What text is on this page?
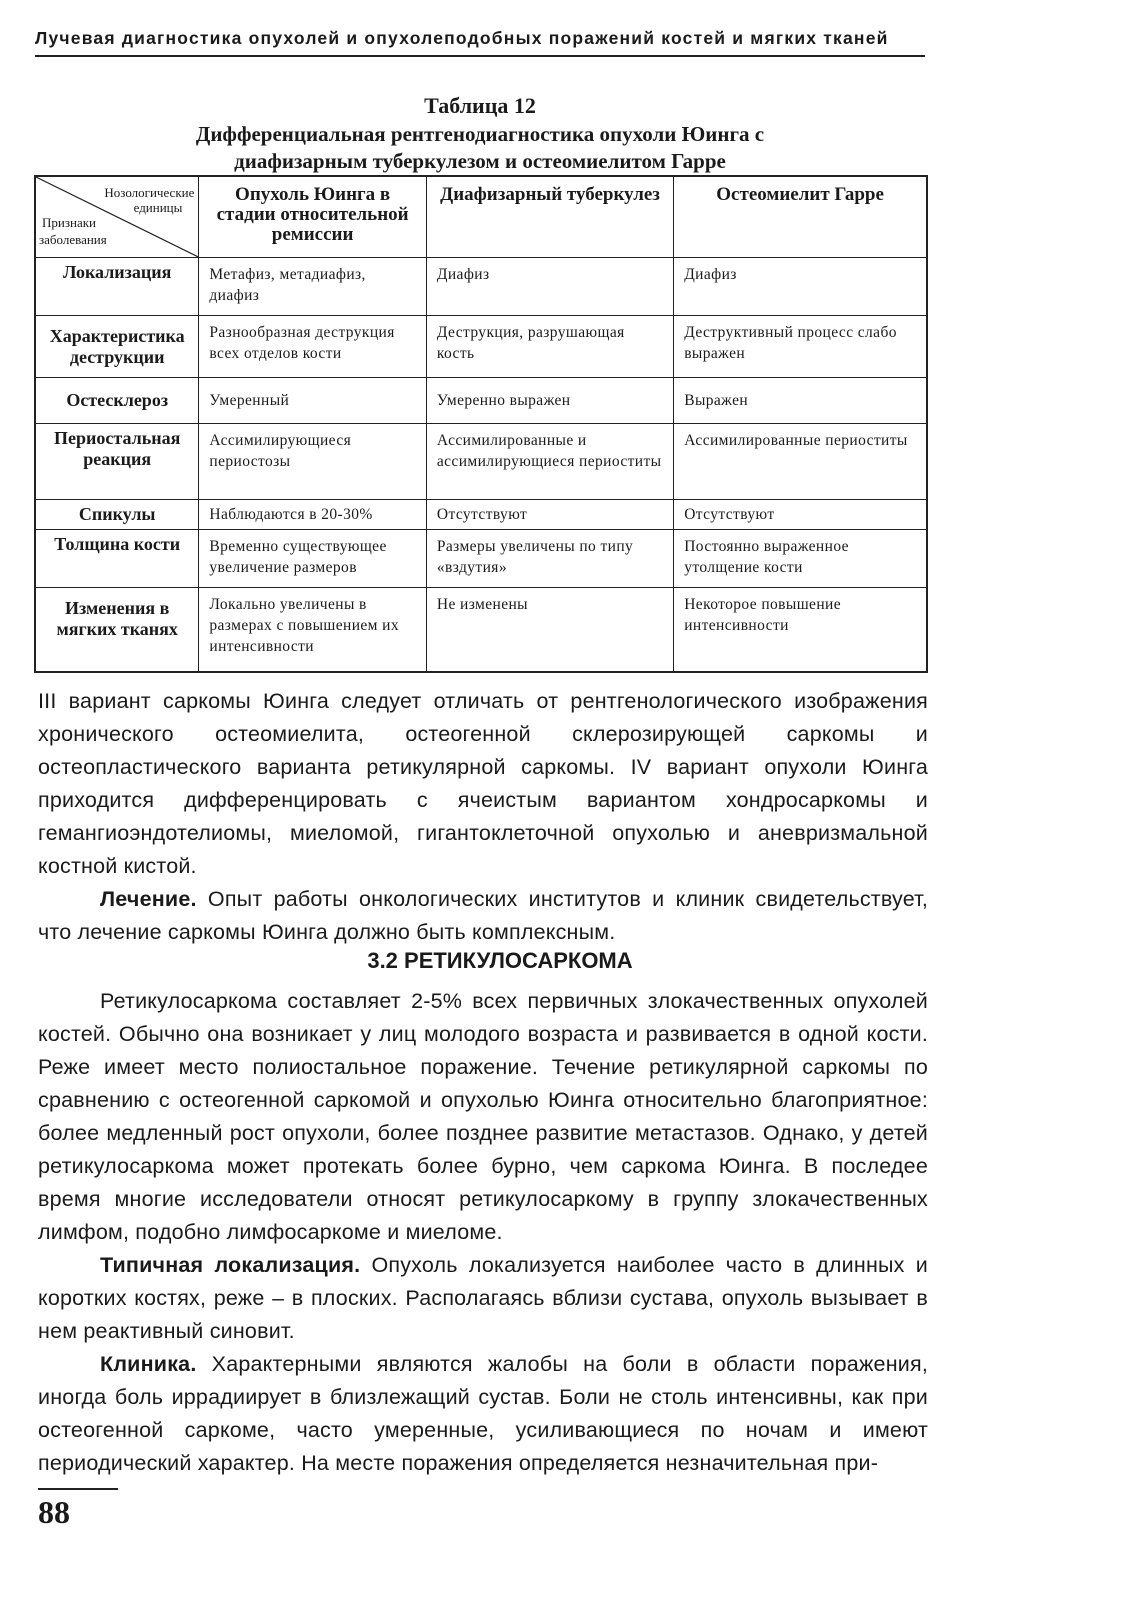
Лучевая диагностика опухолей и опухолеподобных поражений костей и мягких тканей
Таблица 12
Дифференциальная рентгенодиагностика опухоли Юинга с
диафизарным туберкулезом и остеомиелитом Гарре
Нозологические
единицы
Признаки
заболевания	Опухоль Юинга в стадии относительной ремиссии	Диафизарный туберкулез	Остеомиелит Гарре
Локализация	Метафиз, метадиафиз, диафиз	Диафиз	Диафиз
Характеристика деструкции	Разнообразная деструкция всех отделов кости	Деструкция, разрушающая кость	Деструктивный процесс слабо выражен
Остесклероз	Умеренный	Умеренно выражен	Выражен
Периостальная реакция	Ассимилирующиеся периостозы	Ассимилированные и ассимилирующиеся периоститы	Ассимилированные периоститы
Спикулы	Наблюдаются в 20-30%	Отсутствуют	Отсутствуют
Толщина кости	Временно существующее увеличение размеров	Размеры увеличены по типу «вздутия»	Постоянно выраженное утолщение кости
Изменения в мягких тканях	Локально увеличены в размерах с повышением их интенсивности	Не изменены	Некоторое повышение интенсивности

III вариант саркомы Юинга следует отличать от рентгенологического изображения хронического остеомиелита, остеогенной склерозирующей саркомы и остеопластического варианта ретикулярной саркомы. IV вариант опухоли Юинга приходится дифференцировать с ячеистым вариантом хондросаркомы и гемангиоэндотелиомы, миеломой, гигантоклеточной опухолью и аневризмальной костной кистой.

Лечение. Опыт работы онкологических институтов и клиник свидетельствует, что лечение саркомы Юинга должно быть комплексным.

3.2 РЕТИКУЛОСАРКОМА

Ретикулосаркома составляет 2-5% всех первичных злокачественных опухолей костей. Обычно она возникает у лиц молодого возраста и развивается в одной кости. Реже имеет место полиостальное поражение. Течение ретикулярной саркомы по сравнению с остеогенной саркомой и опухолью Юинга относительно благоприятное: более медленный рост опухоли, более позднее развитие метастазов. Однако, у детей ретикулосаркома может протекать более бурно, чем саркома Юинга. В последее время многие исследователи относят ретикулосаркому в группу злокачественных лимфом, подобно лимфосаркоме и миеломе.

Типичная локализация. Опухоль локализуется наиболее часто в длинных и коротких костях, реже – в плоских. Располагаясь вблизи сустава, опухоль вызывает в нем реактивный синовит.

Клиника. Характерными являются жалобы на боли в области поражения, иногда боль иррадиирует в близлежащий сустав. Боли не столь интенсивны, как при остеогенной саркоме, часто умеренные, усиливающиеся по ночам и имеют периодический характер. На месте поражения определяется незначительная при-

88
